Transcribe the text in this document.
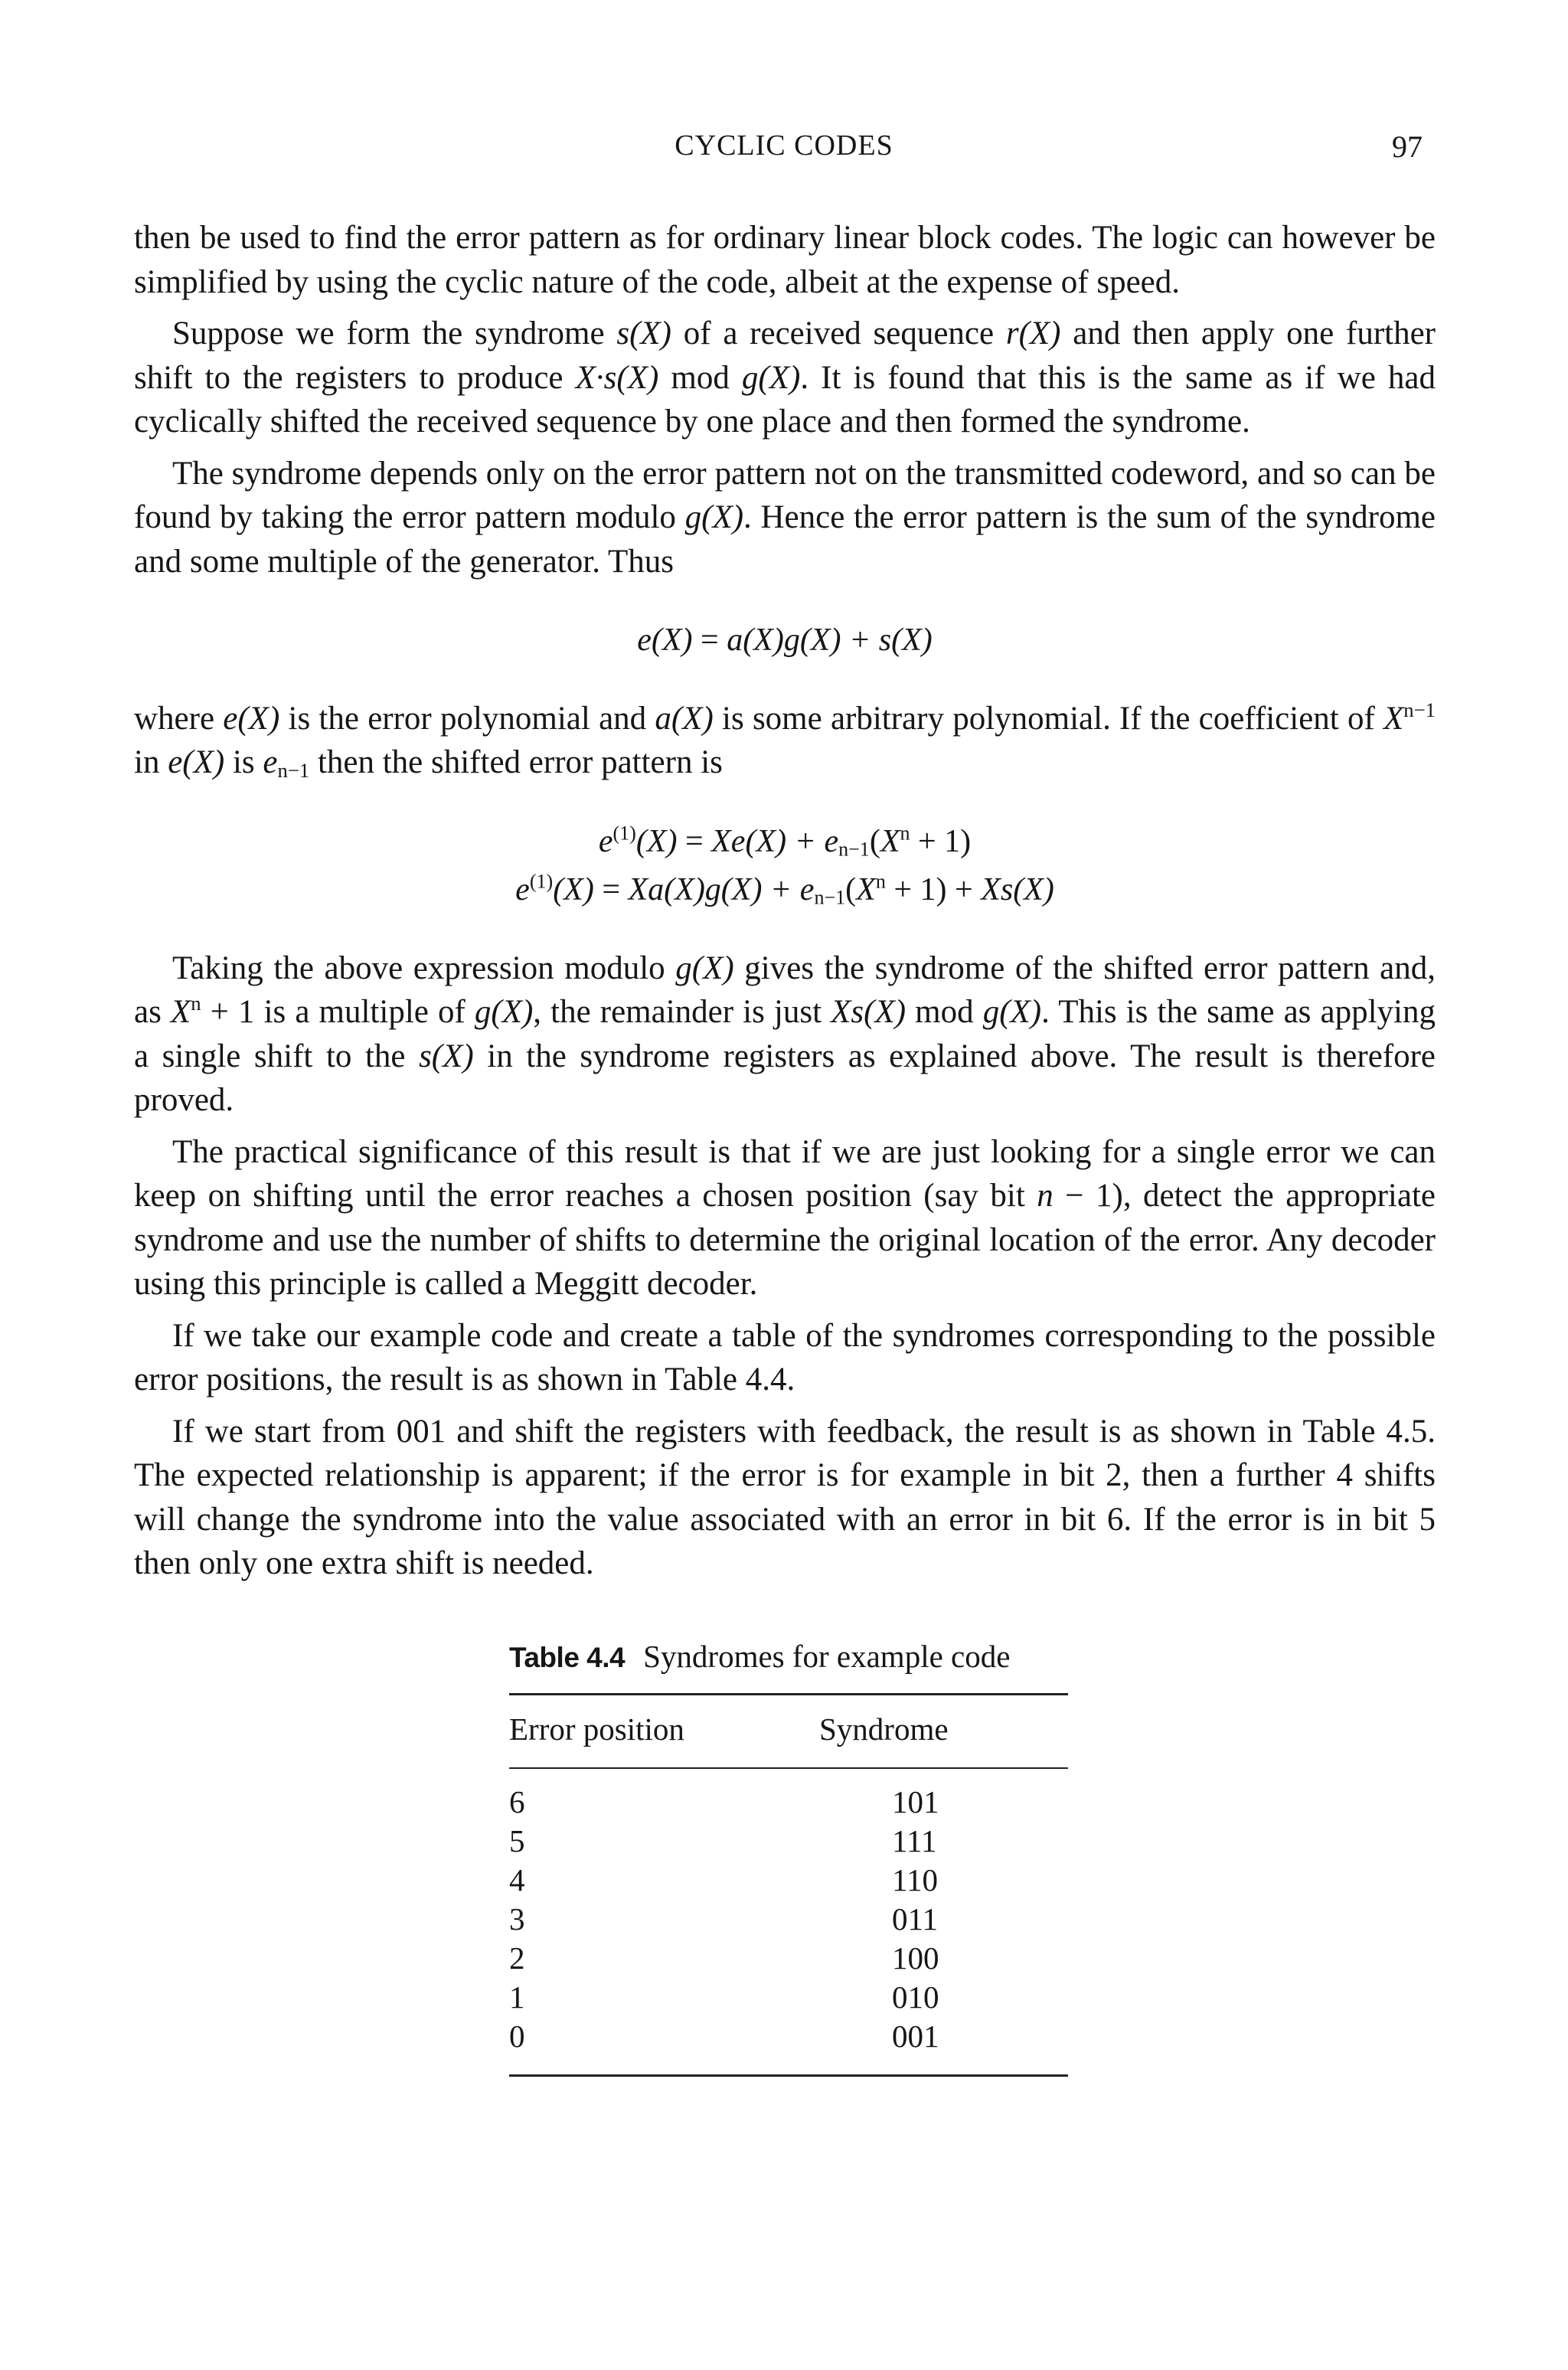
CYCLIC CODES	97

then be used to find the error pattern as for ordinary linear block codes. The logic can however be simplified by using the cyclic nature of the code, albeit at the expense of speed.

Suppose we form the syndrome s(X) of a received sequence r(X) and then apply one further shift to the registers to produce X·s(X) mod g(X). It is found that this is the same as if we had cyclically shifted the received sequence by one place and then formed the syndrome.

The syndrome depends only on the error pattern not on the transmitted codeword, and so can be found by taking the error pattern modulo g(X). Hence the error pattern is the sum of the syndrome and some multiple of the generator. Thus

e(X) = a(X)g(X) + s(X)

where e(X) is the error polynomial and a(X) is some arbitrary polynomial. If the coefficient of $X^{n-1}$ in e(X) is $e_{n-1}$ then the shifted error pattern is

$e^{(1)}(X) = Xe(X) + e_{n-1}(X^n + 1)$
$e^{(1)}(X) = Xa(X)g(X) + e_{n-1}(X^n + 1) + Xs(X)$

Taking the above expression modulo g(X) gives the syndrome of the shifted error pattern and, as $X^n + 1$ is a multiple of g(X), the remainder is just Xs(X) mod g(X). This is the same as applying a single shift to the s(X) in the syndrome registers as explained above. The result is therefore proved.

The practical significance of this result is that if we are just looking for a single error we can keep on shifting until the error reaches a chosen position (say bit n − 1), detect the appropriate syndrome and use the number of shifts to determine the original location of the error. Any decoder using this principle is called a Meggitt decoder.

If we take our example code and create a table of the syndromes corresponding to the possible error positions, the result is as shown in Table 4.4.

If we start from 001 and shift the registers with feedback, the result is as shown in Table 4.5. The expected relationship is apparent; if the error is for example in bit 2, then a further 4 shifts will change the syndrome into the value associated with an error in bit 6. If the error is in bit 5 then only one extra shift is needed.

Table 4.4 Syndromes for example code
Error position	Syndrome
6	101
5	111
4	110
3	011
2	100
1	010
0	001
